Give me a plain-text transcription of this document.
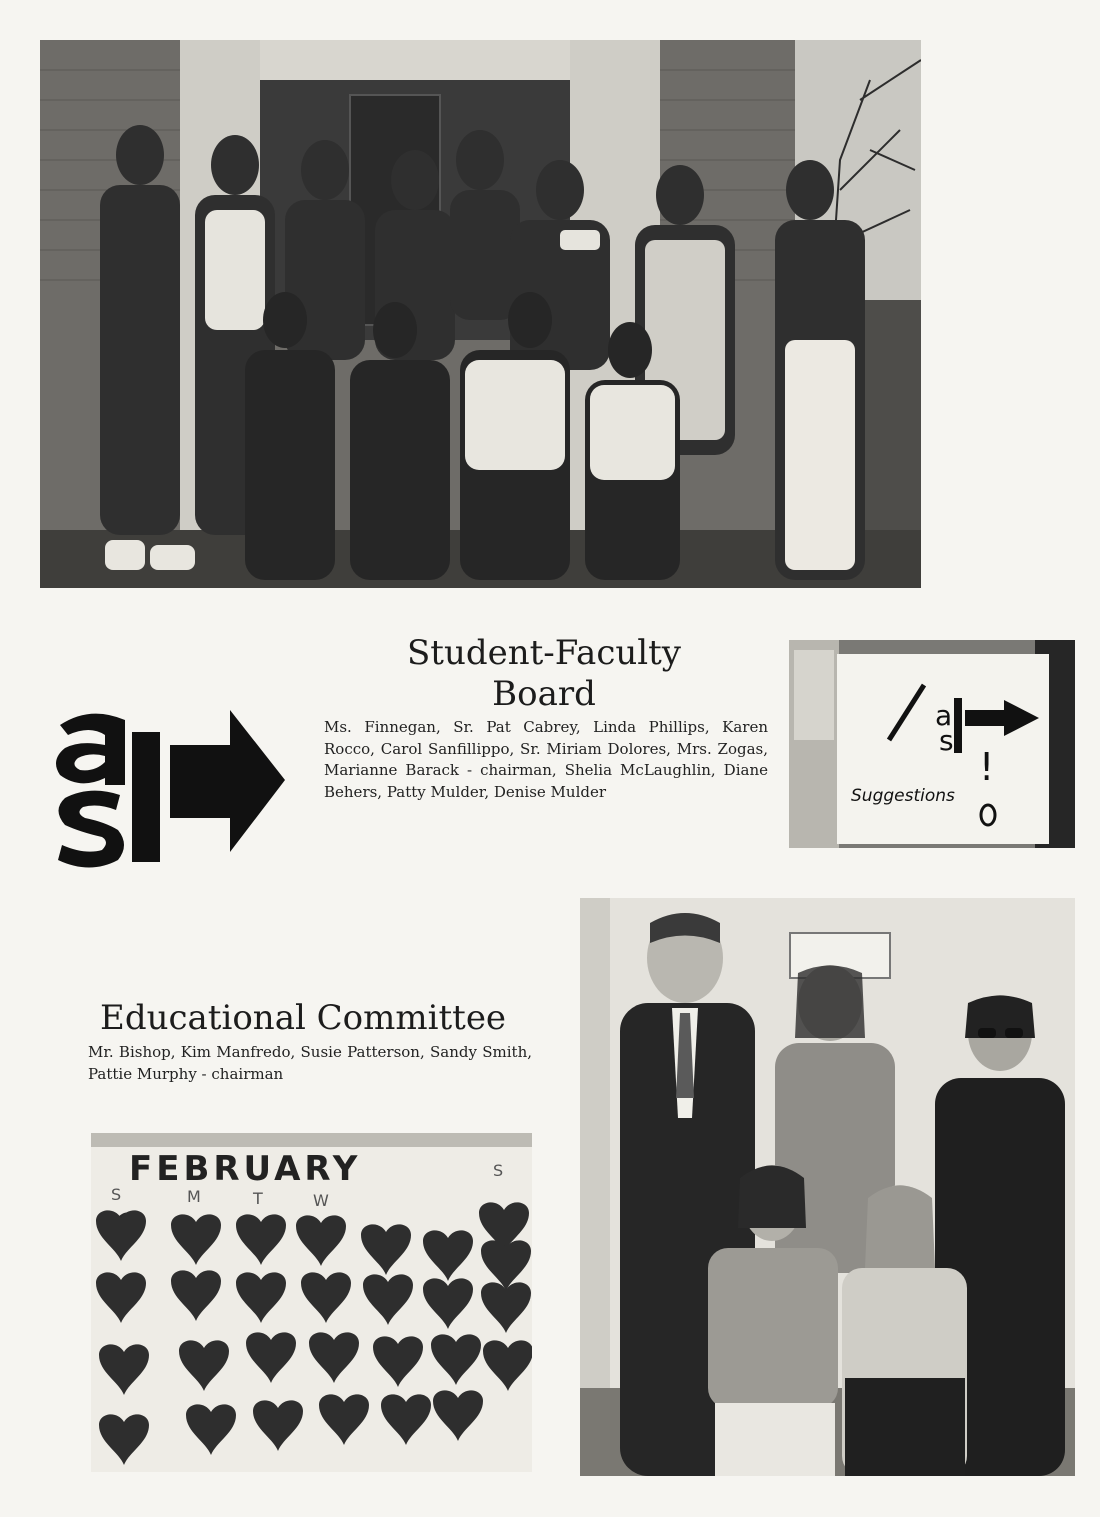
Student-Faculty
Board

Ms. Finnegan, Sr. Pat Cabrey, Linda Phillips, Karen Rocco, Carol Sanfillippo, Sr. Miriam Dolores, Mrs. Zogas, Marianne Barack - chairman, Shelia McLaughlin, Diane Behers, Patty Mulder, Denise Mulder

a
s
!
Suggestions
Educational Committee

Mr. Bishop, Kim Manfredo, Susie Patterson, Sandy Smith, Pattie Murphy - chairman

FEBRUARY
S	M	T	W
S
